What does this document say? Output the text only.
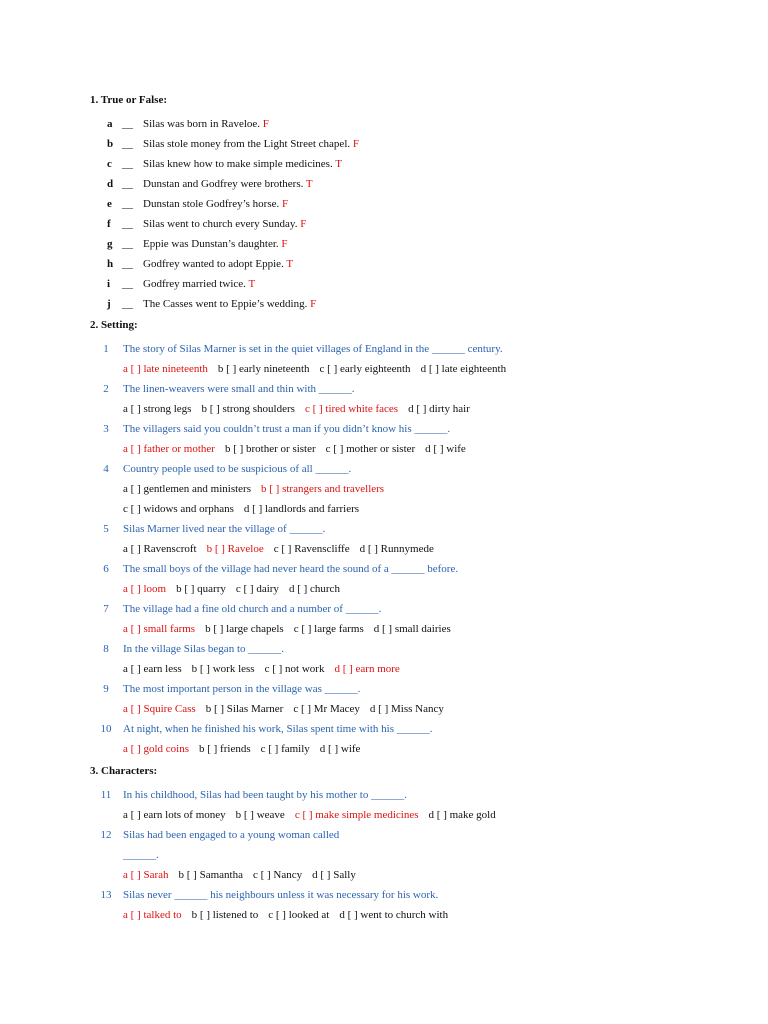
1. True or False:
a __ Silas was born in Raveloe. F
b __ Silas stole money from the Light Street chapel. F
c __ Silas knew how to make simple medicines. T
d __ Dunstan and Godfrey were brothers. T
e __ Dunstan stole Godfrey’s horse. F
f __ Silas went to church every Sunday. F
g __ Eppie was Dunstan’s daughter. F
h __ Godfrey wanted to adopt Eppie. T
i __ Godfrey married twice. T
j __ The Casses went to Eppie’s wedding. F
2. Setting:
1	The story of Silas Marner is set in the quiet villages of England in the ______ century.
a [ ] late nineteenth b [ ] early nineteenth c [ ] early eighteenth d [ ] late eighteenth
2	The linen-weavers were small and thin with ______.
a [ ] strong legs b [ ] strong shoulders c [ ] tired white faces d [ ] dirty hair
3	The villagers said you couldn’t trust a man if you didn’t know his ______.
a [ ] father or mother b [ ] brother or sister c [ ] mother or sister d [ ] wife
4	Country people used to be suspicious of all ______.
a [ ] gentlemen and ministers b [ ] strangers and travellers
c [ ] widows and orphans d [ ] landlords and farriers
5	Silas Marner lived near the village of ______.
a [ ] Ravenscroft b [ ] Raveloe c [ ] Ravenscliffe d [ ] Runnymede
6	The small boys of the village had never heard the sound of a ______ before.
a [ ] loom b [ ] quarry c [ ] dairy d [ ] church
7	The village had a fine old church and a number of ______.
a [ ] small farms b [ ] large chapels c [ ] large farms d [ ] small dairies
8	In the village Silas began to ______.
a [ ] earn less b [ ] work less c [ ] not work d [ ] earn more
9	The most important person in the village was ______.
a [ ] Squire Cass b [ ] Silas Marner c [ ] Mr Macey d [ ] Miss Nancy
10	At night, when he finished his work, Silas spent time with his ______.
a [ ] gold coins b [ ] friends c [ ] family d [ ] wife
3. Characters:
11	In his childhood, Silas had been taught by his mother to ______.
a [ ] earn lots of money b [ ] weave c [ ] make simple medicines d [ ] make gold
12	Silas had been engaged to a young woman called
______.
a [ ] Sarah b [ ] Samantha c [ ] Nancy d [ ] Sally
13	Silas never ______ his neighbours unless it was necessary for his work.
a [ ] talked to b [ ] listened to c [ ] looked at d [ ] went to church with
